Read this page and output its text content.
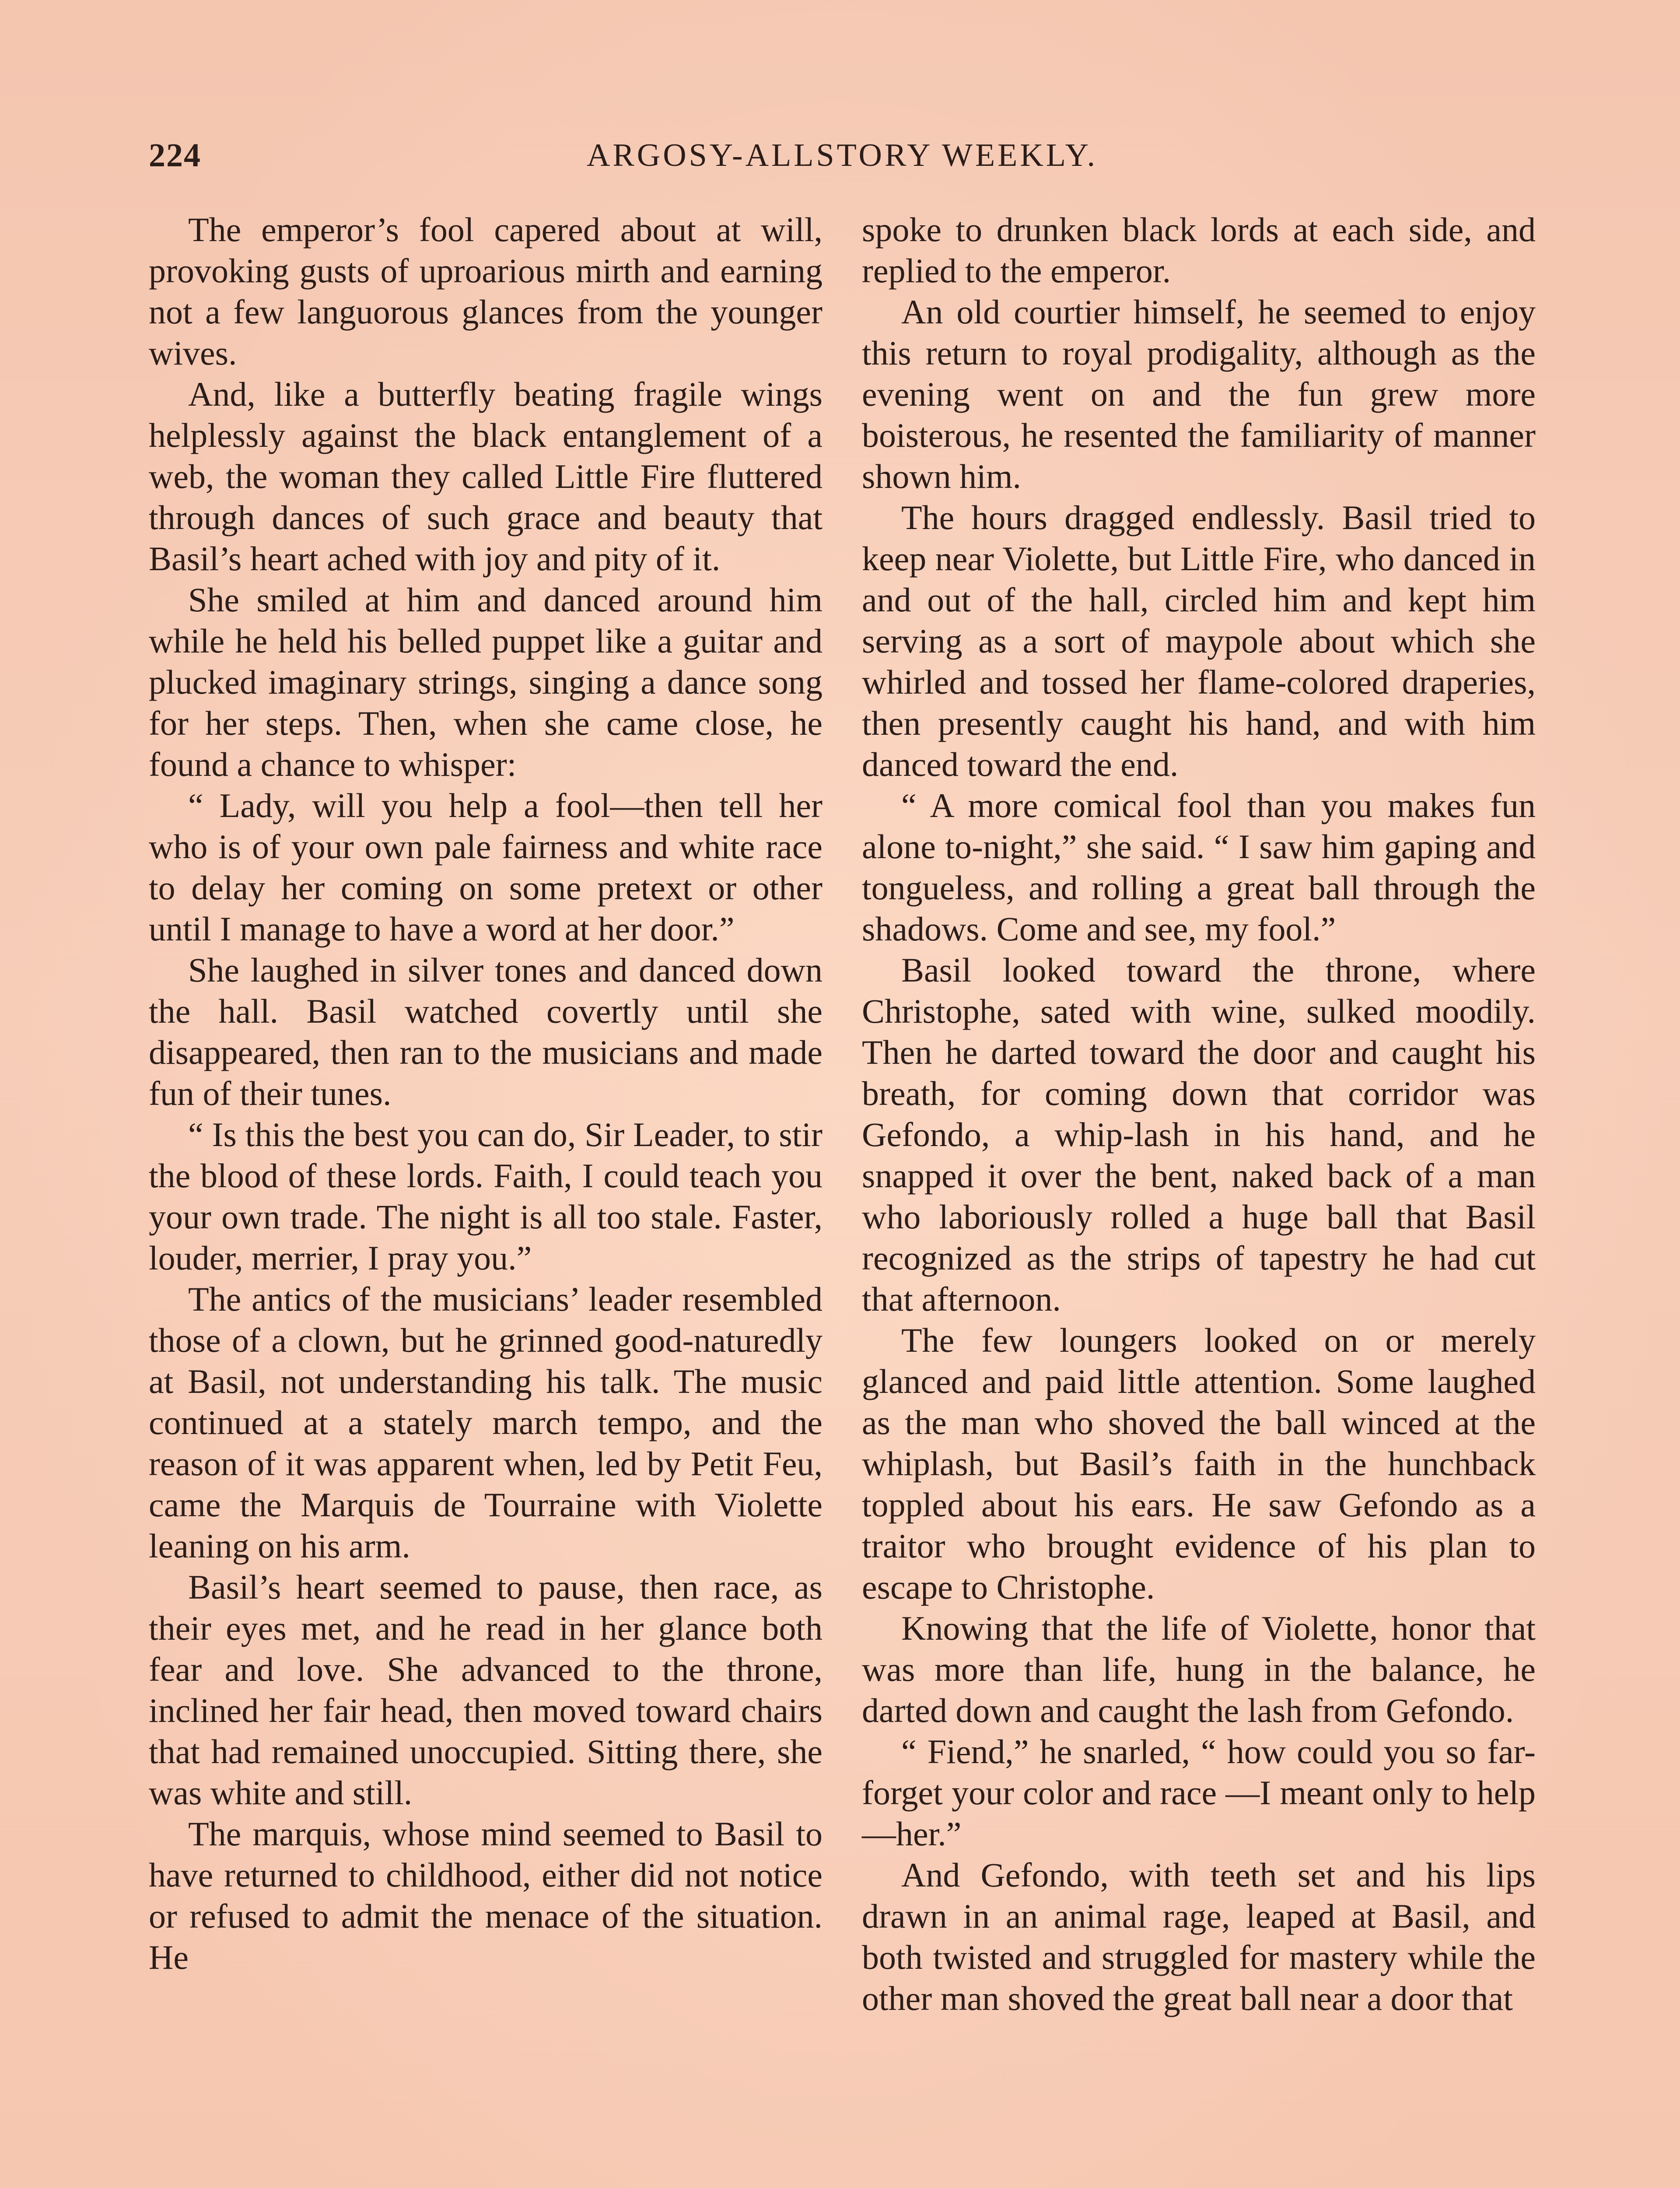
224	ARGOSY-ALLSTORY WEEKLY.

The emperor’s fool capered about at will, provoking gusts of uproarious mirth and earning not a few languorous glances from the younger wives.

And, like a butterfly beating fragile wings helplessly against the black entanglement of a web, the woman they called Little Fire fluttered through dances of such grace and beauty that Basil’s heart ached with joy and pity of it.

She smiled at him and danced around him while he held his belled puppet like a guitar and plucked imaginary strings, singing a dance song for her steps. Then, when she came close, he found a chance to whisper:

“ Lady, will you help a fool—then tell her who is of your own pale fairness and white race to delay her coming on some pretext or other until I manage to have a word at her door.”

She laughed in silver tones and danced down the hall. Basil watched covertly until she disappeared, then ran to the musicians and made fun of their tunes.

“ Is this the best you can do, Sir Leader, to stir the blood of these lords. Faith, I could teach you your own trade. The night is all too stale. Faster, louder, merrier, I pray you.”

The antics of the musicians’ leader resembled those of a clown, but he grinned good-naturedly at Basil, not understanding his talk. The music continued at a stately march tempo, and the reason of it was apparent when, led by Petit Feu, came the Marquis de Tourraine with Violette leaning on his arm.

Basil’s heart seemed to pause, then race, as their eyes met, and he read in her glance both fear and love. She advanced to the throne, inclined her fair head, then moved toward chairs that had remained unoccupied. Sitting there, she was white and still.

The marquis, whose mind seemed to Basil to have returned to childhood, either did not notice or refused to admit the menace of the situation. He

spoke to drunken black lords at each side, and replied to the emperor.

An old courtier himself, he seemed to enjoy this return to royal prodigality, although as the evening went on and the fun grew more boisterous, he resented the familiarity of manner shown him.

The hours dragged endlessly. Basil tried to keep near Violette, but Little Fire, who danced in and out of the hall, circled him and kept him serving as a sort of maypole about which she whirled and tossed her flame-colored draperies, then presently caught his hand, and with him danced toward the end.

“ A more comical fool than you makes fun alone to-night,” she said. “ I saw him gaping and tongueless, and rolling a great ball through the shadows. Come and see, my fool.”

Basil looked toward the throne, where Christophe, sated with wine, sulked moodily. Then he darted toward the door and caught his breath, for coming down that corridor was Gefondo, a whip-lash in his hand, and he snapped it over the bent, naked back of a man who laboriously rolled a huge ball that Basil recognized as the strips of tapestry he had cut that afternoon.

The few loungers looked on or merely glanced and paid little attention. Some laughed as the man who shoved the ball winced at the whiplash, but Basil’s faith in the hunchback toppled about his ears. He saw Gefondo as a traitor who brought evidence of his plan to escape to Christophe.

Knowing that the life of Violette, honor that was more than life, hung in the balance, he darted down and caught the lash from Gefondo.

“ Fiend,” he snarled, “ how could you so far-forget your color and race —I meant only to help—her.”

And Gefondo, with teeth set and his lips drawn in an animal rage, leaped at Basil, and both twisted and struggled for mastery while the other man shoved the great ball near a door that
